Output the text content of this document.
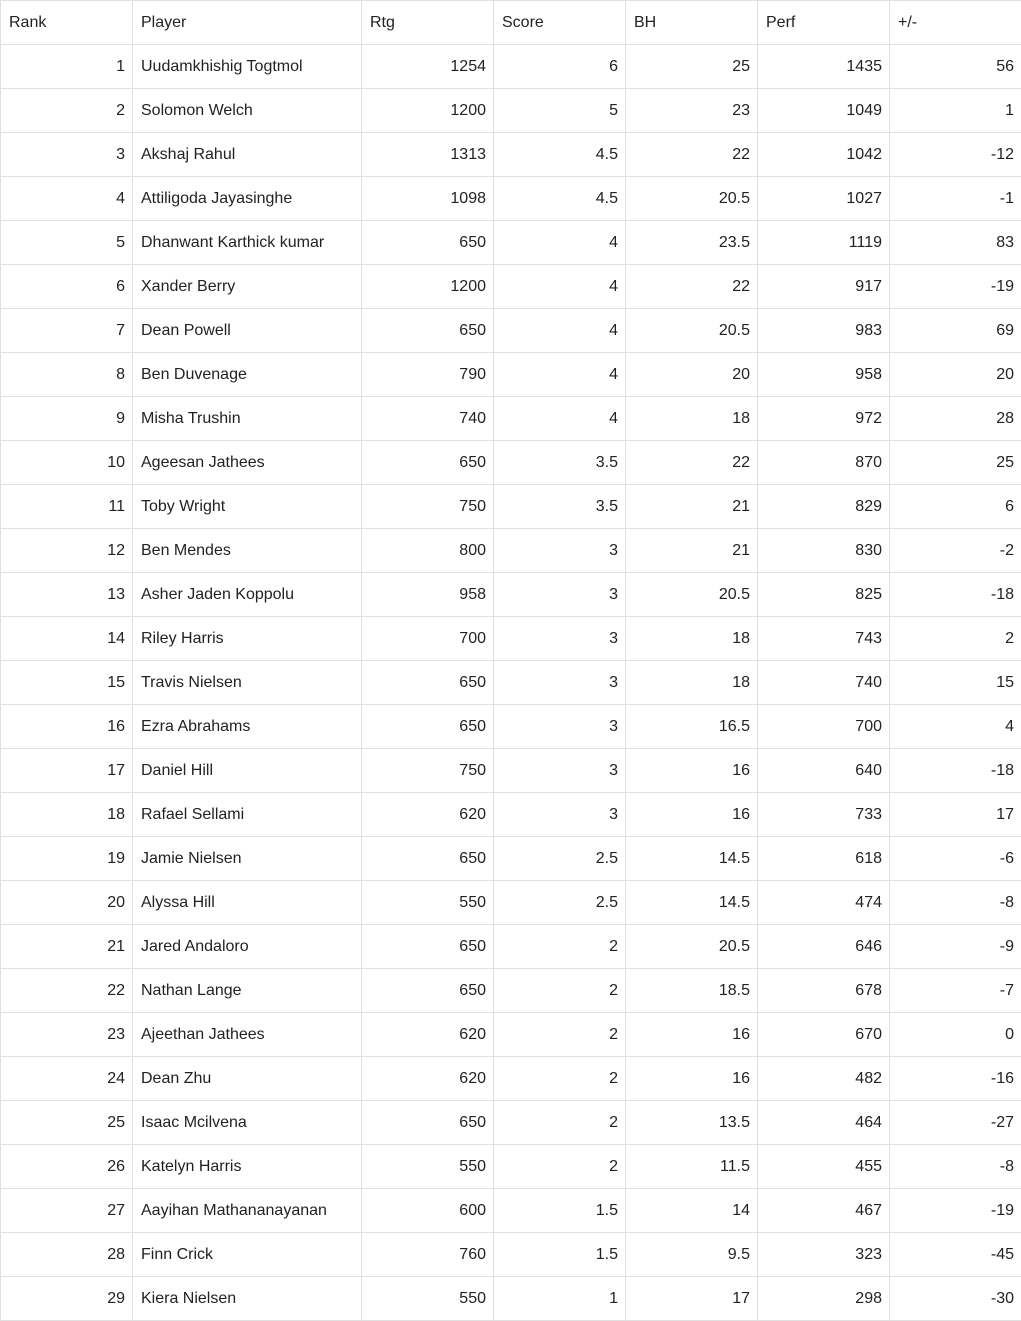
Rank	Player	Rtg	Score	BH	Perf	+/-
1	Uudamkhishig Togtmol	1254	6	25	1435	56
2	Solomon Welch	1200	5	23	1049	1
3	Akshaj Rahul	1313	4.5	22	1042	-12
4	Attiligoda Jayasinghe	1098	4.5	20.5	1027	-1
5	Dhanwant Karthick kumar	650	4	23.5	1119	83
6	Xander Berry	1200	4	22	917	-19
7	Dean Powell	650	4	20.5	983	69
8	Ben Duvenage	790	4	20	958	20
9	Misha Trushin	740	4	18	972	28
10	Ageesan Jathees	650	3.5	22	870	25
11	Toby Wright	750	3.5	21	829	6
12	Ben Mendes	800	3	21	830	-2
13	Asher Jaden Koppolu	958	3	20.5	825	-18
14	Riley Harris	700	3	18	743	2
15	Travis Nielsen	650	3	18	740	15
16	Ezra Abrahams	650	3	16.5	700	4
17	Daniel Hill	750	3	16	640	-18
18	Rafael Sellami	620	3	16	733	17
19	Jamie Nielsen	650	2.5	14.5	618	-6
20	Alyssa Hill	550	2.5	14.5	474	-8
21	Jared Andaloro	650	2	20.5	646	-9
22	Nathan Lange	650	2	18.5	678	-7
23	Ajeethan Jathees	620	2	16	670	0
24	Dean Zhu	620	2	16	482	-16
25	Isaac Mcilvena	650	2	13.5	464	-27
26	Katelyn Harris	550	2	11.5	455	-8
27	Aayihan Mathananayanan	600	1.5	14	467	-19
28	Finn Crick	760	1.5	9.5	323	-45
29	Kiera Nielsen	550	1	17	298	-30
